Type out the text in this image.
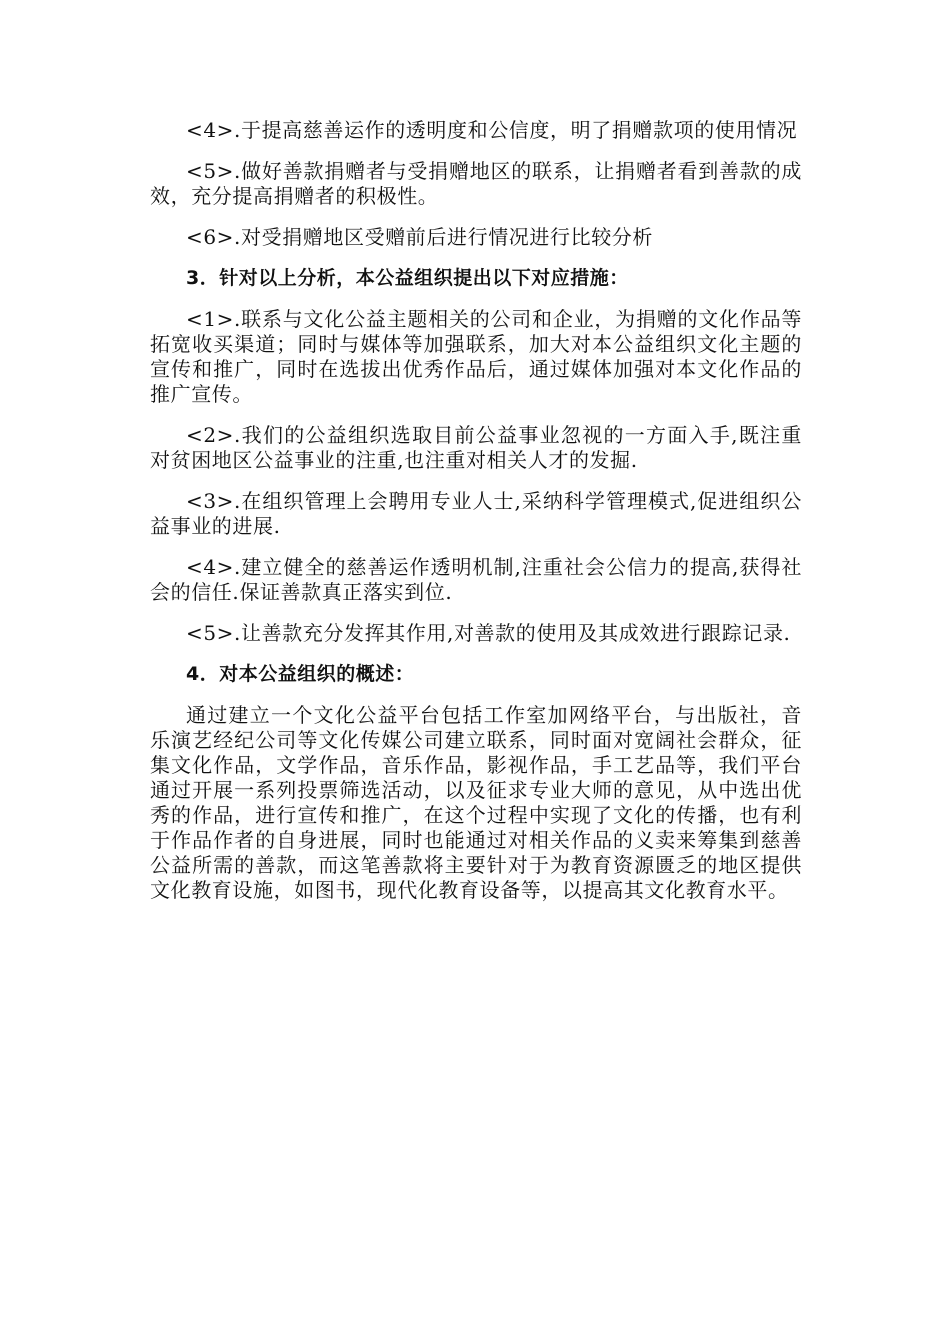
<4>.于提高慈善运作的透明度和公信度，明了捐赠款项的使用情况

<5>.做好善款捐赠者与受捐赠地区的联系，让捐赠者看到善款的成效，充分提高捐赠者的积极性。

<6>.对受捐赠地区受赠前后进行情况进行比较分析

3．针对以上分析，本公益组织提出以下对应措施：

<1>.联系与文化公益主题相关的公司和企业，为捐赠的文化作品等拓宽收买渠道；同时与媒体等加强联系，加大对本公益组织文化主题的宣传和推广，同时在选拔出优秀作品后，通过媒体加强对本文化作品的推广宣传。

<2>.我们的公益组织选取目前公益事业忽视的一方面入手,既注重对贫困地区公益事业的注重,也注重对相关人才的发掘.

<3>.在组织管理上会聘用专业人士,采纳科学管理模式,促进组织公益事业的进展.

<4>.建立健全的慈善运作透明机制,注重社会公信力的提高,获得社会的信任.保证善款真正落实到位.

<5>.让善款充分发挥其作用,对善款的使用及其成效进行跟踪记录.

4．对本公益组织的概述：

通过建立一个文化公益平台包括工作室加网络平台，与出版社，音乐演艺经纪公司等文化传媒公司建立联系，同时面对宽阔社会群众，征集文化作品，文学作品，音乐作品，影视作品，手工艺品等，我们平台通过开展一系列投票筛选活动，以及征求专业大师的意见，从中选出优秀的作品，进行宣传和推广，在这个过程中实现了文化的传播，也有利于作品作者的自身进展，同时也能通过对相关作品的义卖来筹集到慈善公益所需的善款，而这笔善款将主要针对于为教育资源匮乏的地区提供文化教育设施，如图书，现代化教育设备等，以提高其文化教育水平。
